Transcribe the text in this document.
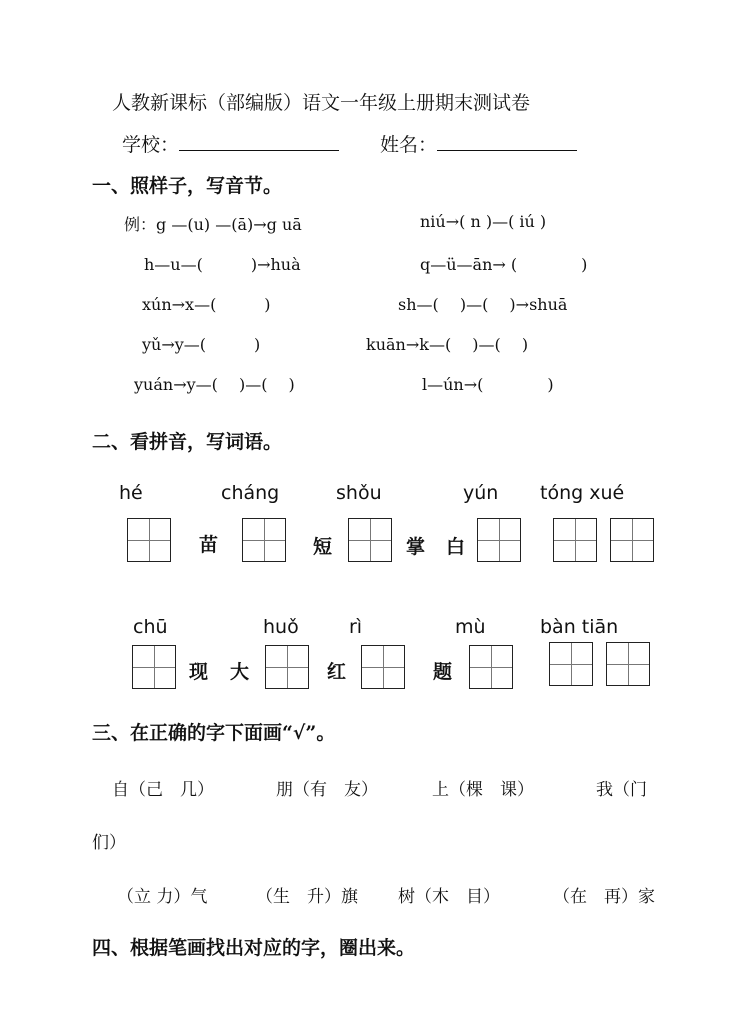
人教新课标（部编版）语文一年级上册期末测试卷
学校：	姓名：
一、照样子，写音节。
例：g —(u) —(ā)→g uā	niú→( n )—( iú )
h—u—(　　　)→huà	q—ü—ān→ (　　　　)
xún→x—(　　　)	sh—(　 )—(　 )→shuā
yǔ→y—(　　　)	kuān→k—(　 )—(　 )
yuán→y—(　 )—(　 )	l—ún→(　　　　)
二、看拼音，写词语。
hé	cháng	shǒu	yún tóng xué
苗	短	掌 白
chū	huǒ	rì	mù	bàn tiān
现 大	红	题
三、在正确的字下面画“√”。
自（己　几）	朋（有　友）	上（棵　课）	我（门
们）
（立 力）气	（生　升）旗 树（木　目）	（在　再）家
四、根据笔画找出对应的字，圈出来。
